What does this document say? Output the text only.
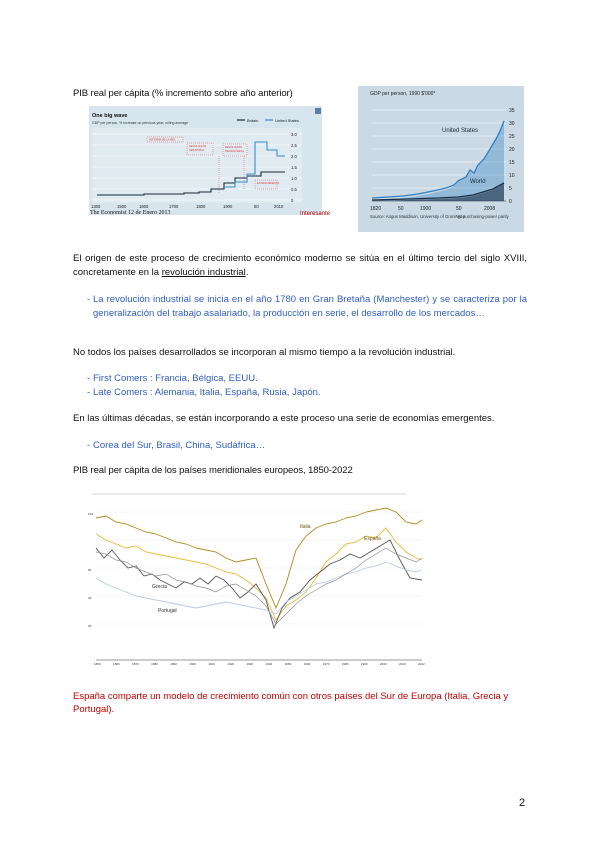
PIB real per cápita (% incremento sobre año anterior)
One big wave
GDP per person, % increase on previous year, rolling average	Britain	United States
HISTORIA DE LA REV.
REVOLUCIÓN
INDUSTRIAL
REVOLUCIÓN
TECNOLÓGICA
ESTANCAMIENTO
3.0
2.5
2.0
1.5
1.0
0.5
0
1300	1500	1600	1700	1800	1900	50	2010
The Economist 12 de Enero 2013	Interesante
GDP per person, 1990 $'000*
35
30
25
20
15
10
5
0
1820	50	1900	50	2008
United States
World
Source: Angus Maddison, University of Groningen
*At purchasing-power parity
El origen de este proceso de crecimiento económico moderno se sitúa en el último tercio del siglo XVIII, concretamente en la revolución industrial.
- La revolución industrial se inicia en el año 1780 en Gran Bretaña (Manchester) y se caracteriza por la generalización del trabajo asalariado, la producción en serie, el desarrollo de los mercados…
No todos los países desarrollados se incorporan al mismo tiempo a la revolución industrial.
- First Comers : Francia, Bélgica, EEUU.
- Late Comers : Alemania, Italia, España, Rusia, Japón.
En las últimas décadas, se están incorporando a este proceso una serie de economías emergentes.
- Corea del Sur, Brasil, China, Sudáfrica…
PIB real per cápita de los países meridionales europeos, 1850-2022
100
50
40
30
Italia
España
Grecia
Portugal
1850	1860	1870	1880	1890	1900	1910	1920	1930	1940	1950	1960	1970	1980	1990	2000	2010	2022
España comparte un modelo de crecimiento común con otros países del Sur de Europa (Italia, Grecia y Portugal).
2
